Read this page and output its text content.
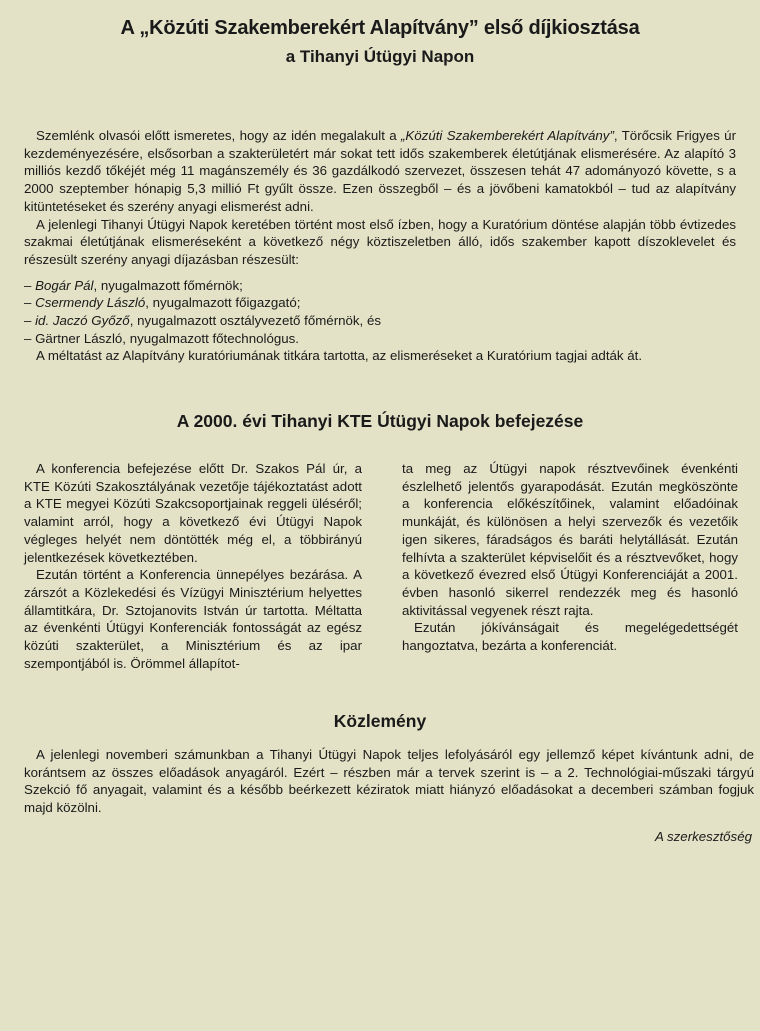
A „Közúti Szakemberekért Alapítvány” első díjkiosztása
a Tihanyi Útügyi Napon

Szemlénk olvasói előtt ismeretes, hogy az idén megalakult a „Közúti Szakemberekért Alapítvány”, Törőcsik Frigyes úr kezdeményezésére, elsősorban a szakterületért már sokat tett idős szakemberek életútjának elismerésére. Az alapító 3 milliós kezdő tőkéjét még 11 magánszemély és 36 gazdálkodó szervezet, összesen tehát 47 adományozó követte, s a 2000 szeptember hónapig 5,3 millió Ft gyűlt össze. Ezen összegből – és a jövőbeni kamatokból – tud az alapítvány kitüntetéseket és szerény anyagi elismerést adni.

A jelenlegi Tihanyi Útügyi Napok keretében történt most első ízben, hogy a Kuratórium döntése alapján több évtizedes szakmai életútjának elismeréseként a következő négy köztiszeletben álló, idős szakember kapott díszoklevelet és részesült szerény anyagi díjazásban részesült:

– Bogár Pál, nyugalmazott főmérnök;
– Csermendy László, nyugalmazott főigazgató;
– id. Jaczó Győző, nyugalmazott osztályvezető főmérnök, és
– Gärtner László, nyugalmazott főtechnológus.

A méltatást az Alapítvány kuratóriumának titkára tartotta, az elismeréseket a Kuratórium tagjai adták át.

A 2000. évi Tihanyi KTE Útügyi Napok befejezése

A konferencia befejezése előtt Dr. Szakos Pál úr, a KTE Közúti Szakosztályának vezetője tájékoztatást adott a KTE megyei Közúti Szakcsoportjainak reggeli üléséről; valamint arról, hogy a következő évi Útügyi Napok végleges helyét nem döntötték még el, a többirányú jelentkezések következtében.

Ezután történt a Konferencia ünnepélyes bezárása. A zárszót a Közlekedési és Vízügyi Minisztérium helyettes államtitkára, Dr. Sztojanovits István úr tartotta. Méltatta az évenkénti Útügyi Konferenciák fontosságát az egész közúti szakterület, a Minisztérium és az ipar szempontjából is. Örömmel állapítot-

ta meg az Útügyi napok résztvevőinek évenkénti észlelhető jelentős gyarapodását. Ezután megköszönte a konferencia előkészítőinek, valamint előadóinak munkáját, és különösen a helyi szervezők és vezetőik igen sikeres, fáradságos és baráti helytállását. Ezután felhívta a szakterület képviselőit és a résztvevőket, hogy a következő évezred első Útügyi Konferenciáját a 2001. évben hasonló sikerrel rendezzék meg és hasonló aktivitással vegyenek részt rajta.

Ezután jókívánságait és megelégedettségét hangoztatva, bezárta a konferenciát.

Közlemény

A jelenlegi novemberi számunkban a Tihanyi Útügyi Napok teljes lefolyásáról egy jellemző képet kívántunk adni, de korántsem az összes előadások anyagáról. Ezért – részben már a tervek szerint is – a 2. Technológiai-műszaki tárgyú Szekció fő anyagait, valamint és a később beérkezett kéziratok miatt hiányzó előadásokat a decemberi számban fogjuk majd közölni.

A szerkesztőség
